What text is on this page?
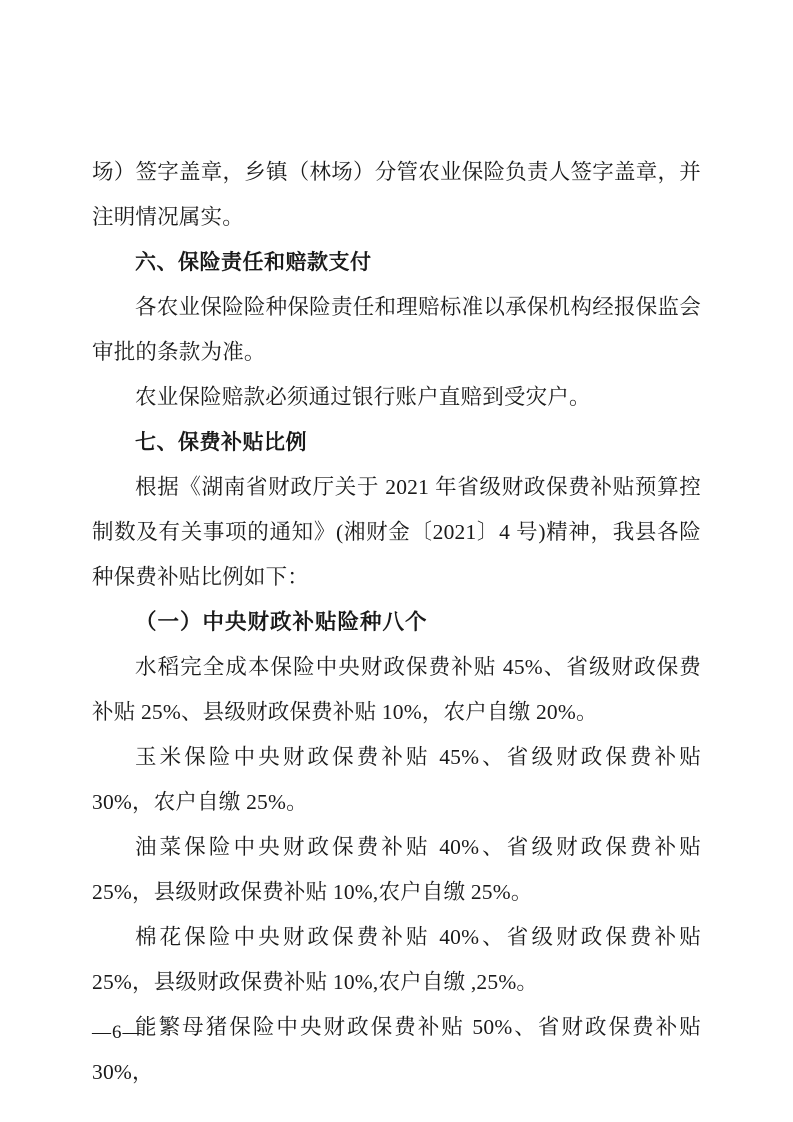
场）签字盖章，乡镇（林场）分管农业保险负责人签字盖章，并注明情况属实。

六、保险责任和赔款支付

各农业保险险种保险责任和理赔标准以承保机构经报保监会审批的条款为准。

农业保险赔款必须通过银行账户直赔到受灾户。

七、保费补贴比例

根据《湖南省财政厅关于 2021 年省级财政保费补贴预算控制数及有关事项的通知》(湘财金〔2021〕4 号)精神，我县各险种保费补贴比例如下：

（一）中央财政补贴险种八个

水稻完全成本保险中央财政保费补贴 45%、省级财政保费补贴 25%、县级财政保费补贴 10%，农户自缴 20%。

玉米保险中央财政保费补贴 45%、省级财政保费补贴 30%，农户自缴 25%。

油菜保险中央财政保费补贴 40%、省级财政保费补贴 25%，县级财政保费补贴 10%,农户自缴 25%。

棉花保险中央财政保费补贴 40%、省级财政保费补贴 25%，县级财政保费补贴 10%,农户自缴 ,25%。

能繁母猪保险中央财政保费补贴 50%、省财政保费补贴 30%，

—6—
